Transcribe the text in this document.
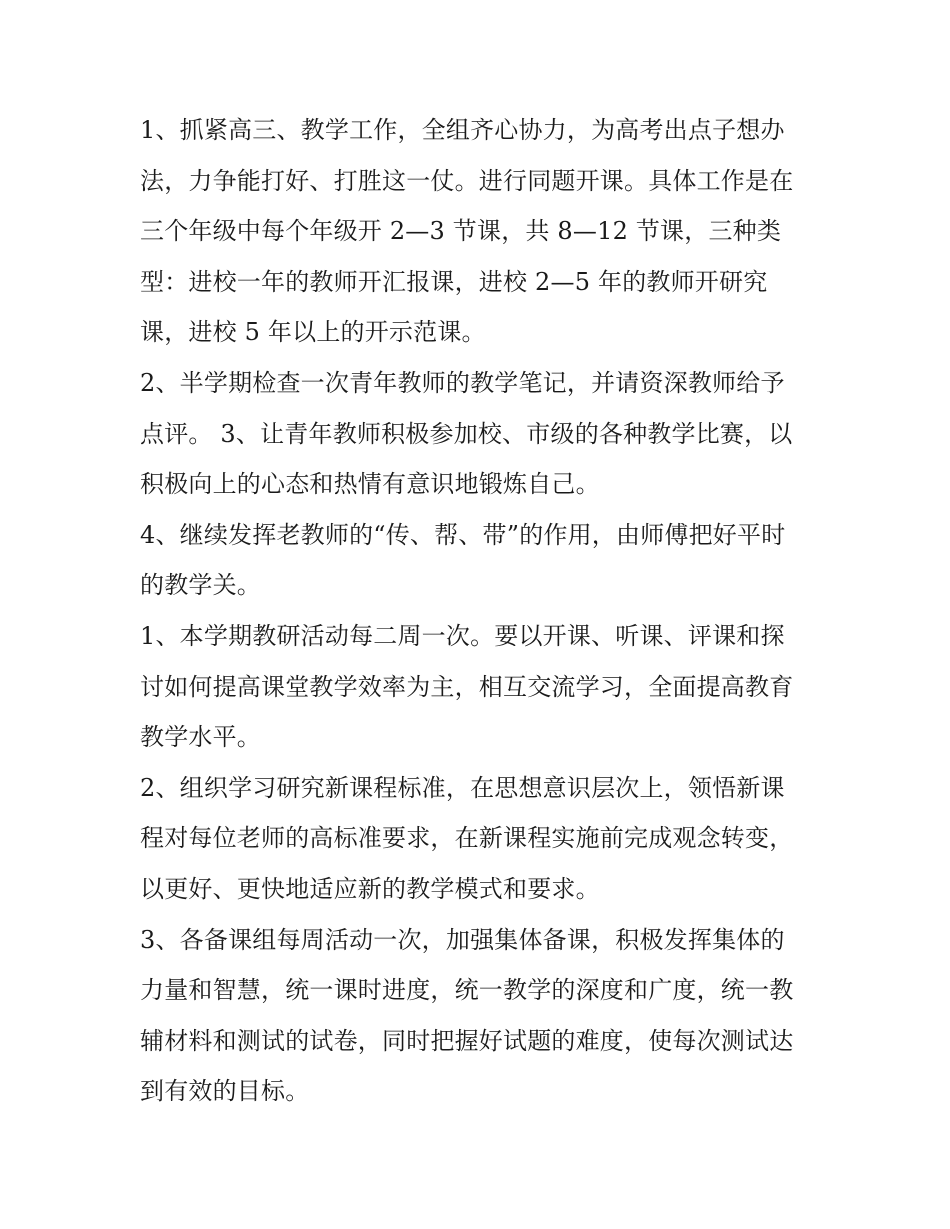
1、抓紧高三、教学工作，全组齐心协力，为高考出点子想办
法，力争能打好、打胜这一仗。进行同题开课。具体工作是在
三个年级中每个年级开 2—3 节课，共 8—12 节课，三种类
型：进校一年的教师开汇报课，进校 2—5 年的教师开研究
课，进校 5 年以上的开示范课。
2、半学期检查一次青年教师的教学笔记，并请资深教师给予
点评。 3、让青年教师积极参加校、市级的各种教学比赛，以
积极向上的心态和热情有意识地锻炼自己。
4、继续发挥老教师的“传、帮、带”的作用，由师傅把好平时
的教学关。
1、本学期教研活动每二周一次。要以开课、听课、评课和探
讨如何提高课堂教学效率为主，相互交流学习，全面提高教育
教学水平。
2、组织学习研究新课程标准，在思想意识层次上，领悟新课
程对每位老师的高标准要求，在新课程实施前完成观念转变，
以更好、更快地适应新的教学模式和要求。
3、各备课组每周活动一次，加强集体备课，积极发挥集体的
力量和智慧，统一课时进度，统一教学的深度和广度，统一教
辅材料和测试的试卷，同时把握好试题的难度，使每次测试达
到有效的目标。
